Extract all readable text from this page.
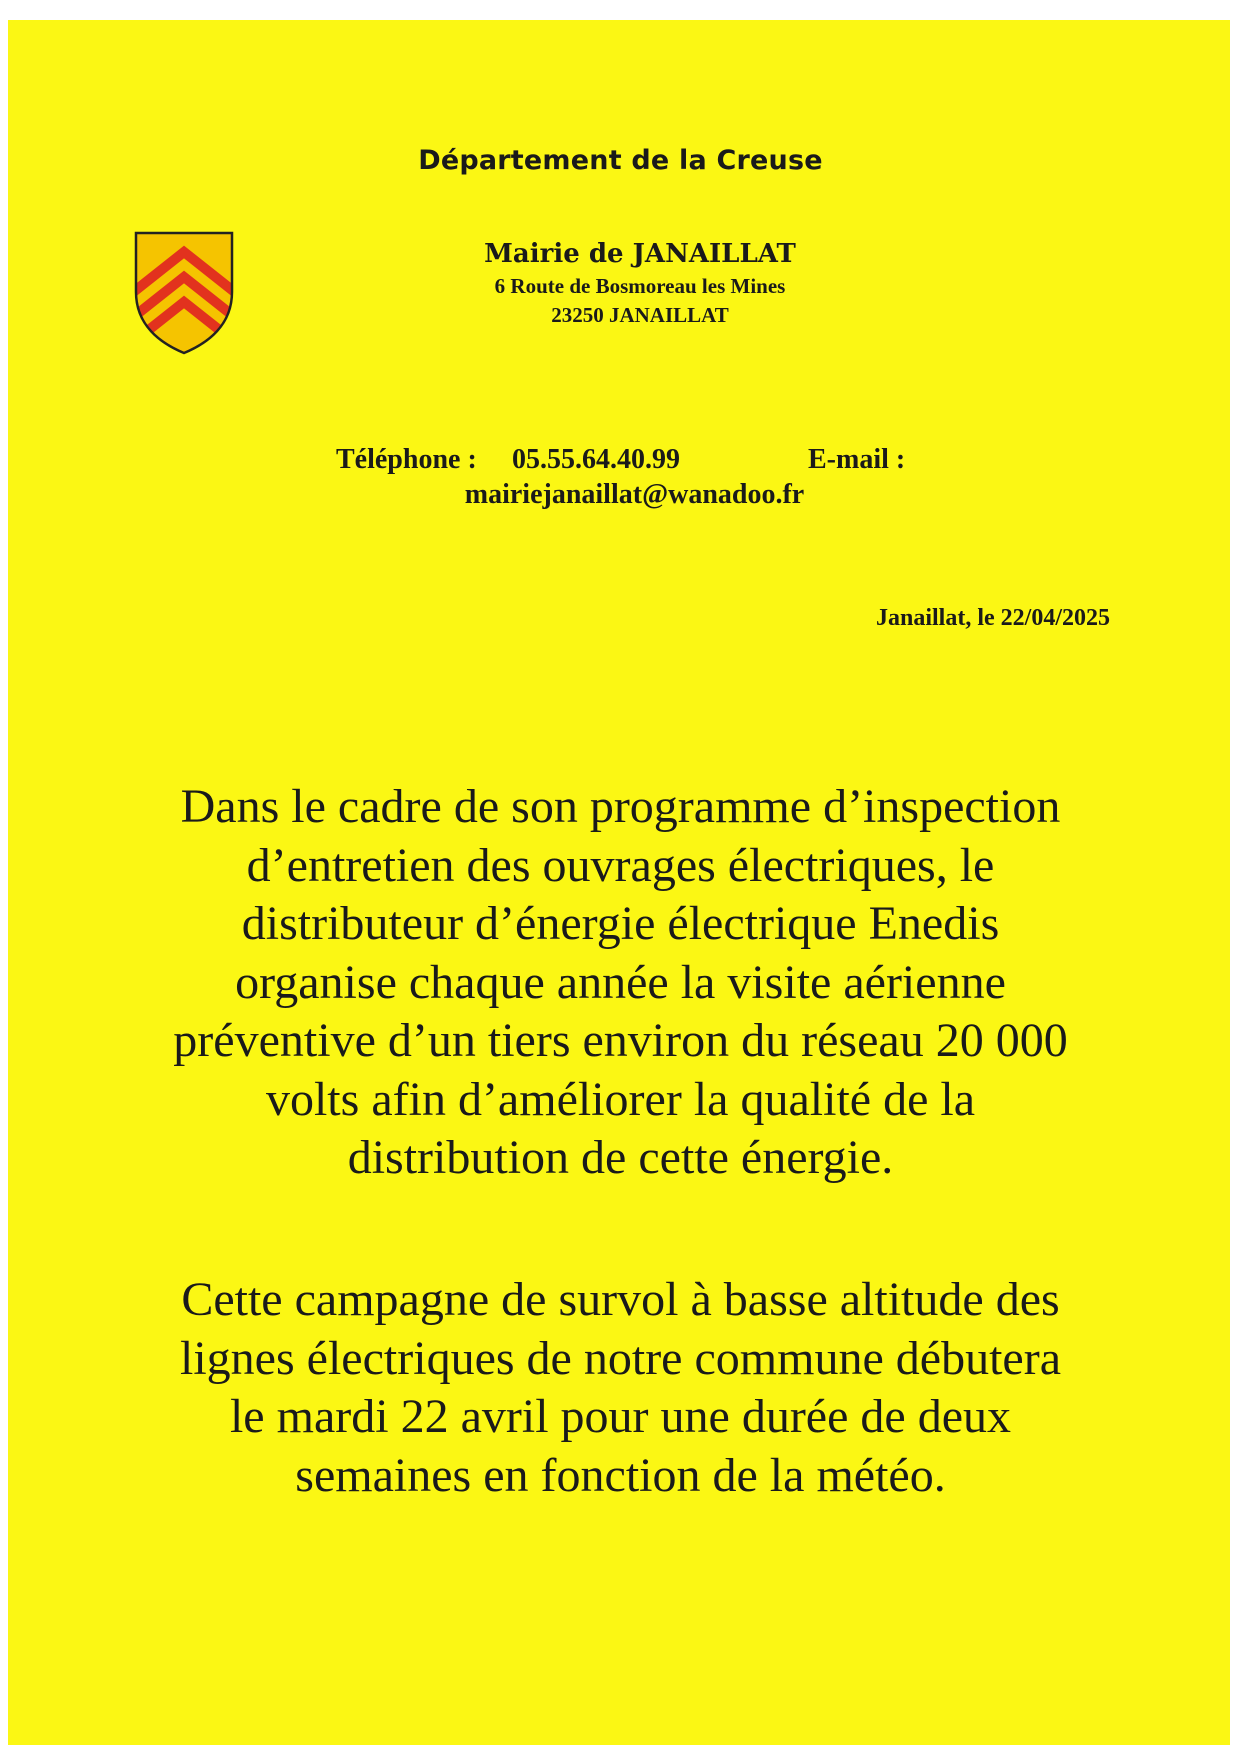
Département de la Creuse
Mairie de JANAILLAT
6 Route de Bosmoreau les Mines
23250 JANAILLAT
Téléphone : 05.55.64.40.99	E-mail :
mairiejanaillat@wanadoo.fr
Janaillat, le 22/04/2025
Dans le cadre de son programme d’inspection
d’entretien des ouvrages électriques, le
distributeur d’énergie électrique Enedis
organise chaque année la visite aérienne
préventive d’un tiers environ du réseau 20 000
volts afin d’améliorer la qualité de la
distribution de cette énergie.
Cette campagne de survol à basse altitude des
lignes électriques de notre commune débutera
le mardi 22 avril pour une durée de deux
semaines en fonction de la météo.
